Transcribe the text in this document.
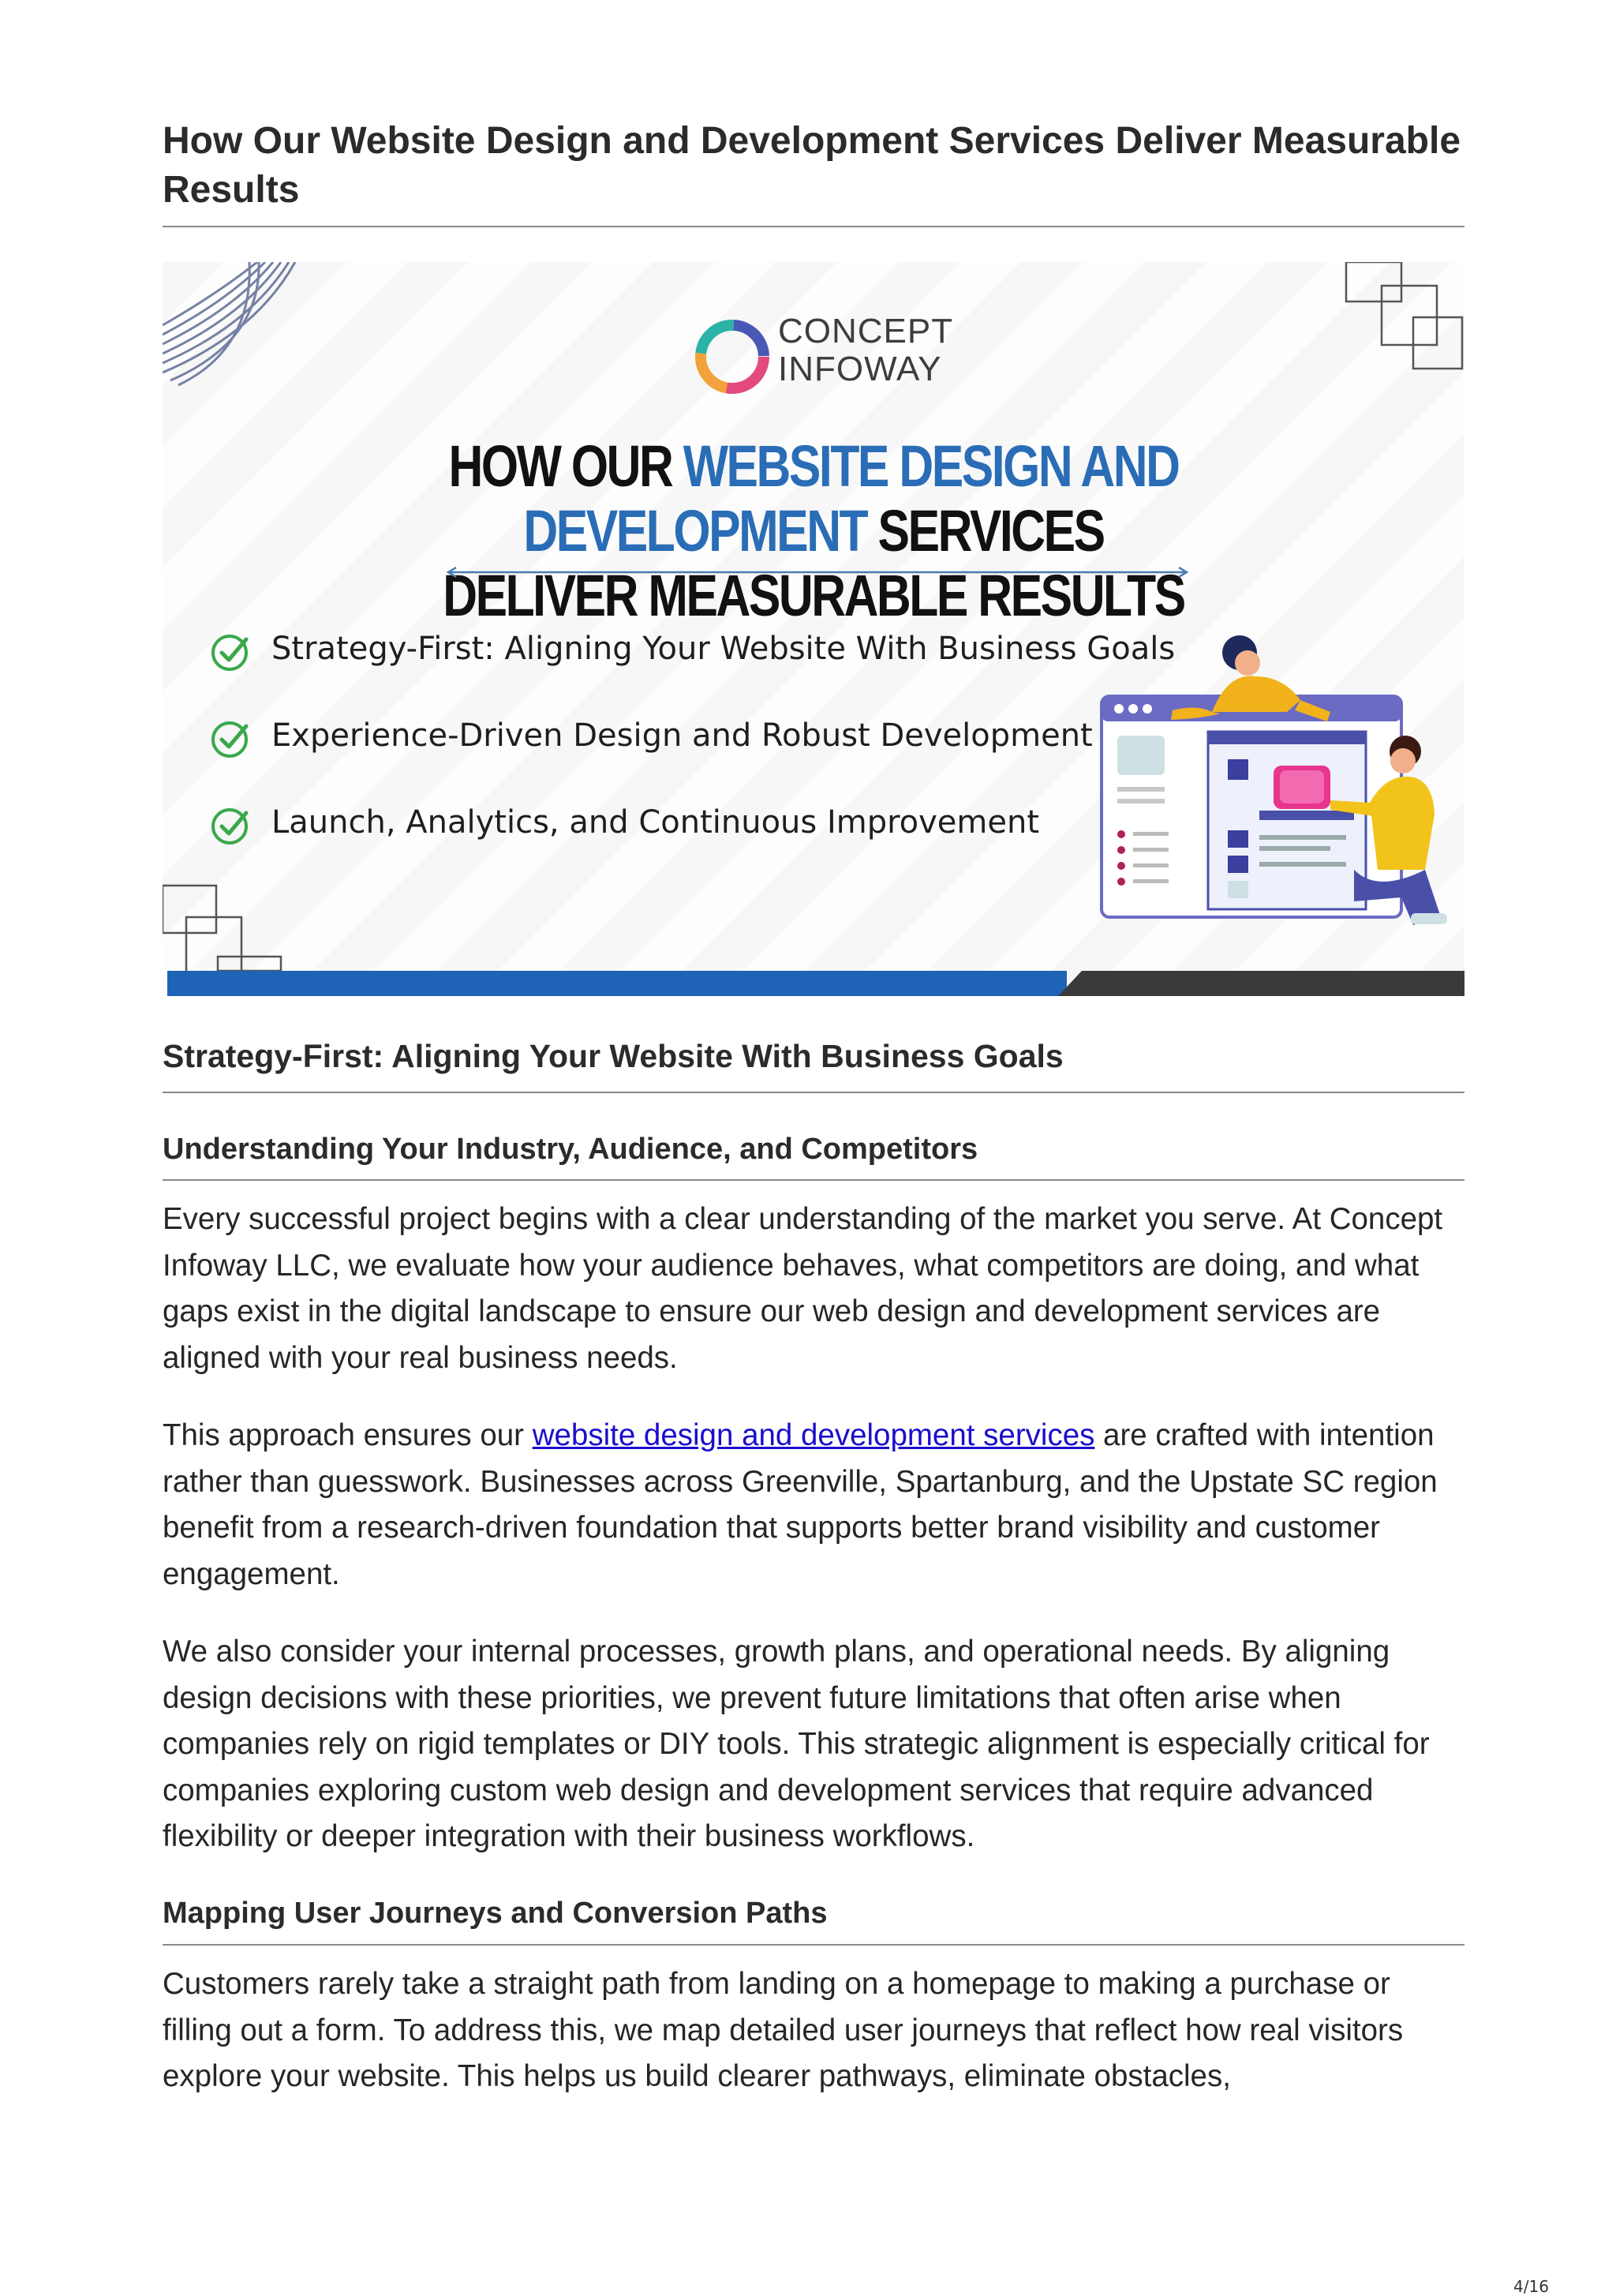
How Our Website Design and Development Services Deliver Measurable Results
CONCEPT
INFOWAY
HOW OUR WEBSITE DESIGN AND DEVELOPMENT SERVICES
DELIVER MEASURABLE RESULTS
Strategy-First: Aligning Your Website With Business Goals
Experience-Driven Design and Robust Development
Launch, Analytics, and Continuous Improvement
Strategy-First: Aligning Your Website With Business Goals
Understanding Your Industry, Audience, and Competitors

Every successful project begins with a clear understanding of the market you serve. At Concept Infoway LLC, we evaluate how your audience behaves, what competitors are doing, and what gaps exist in the digital landscape to ensure our web design and development services are aligned with your real business needs.

This approach ensures our website design and development services are crafted with intention rather than guesswork. Businesses across Greenville, Spartanburg, and the Upstate SC region benefit from a research-driven foundation that supports better brand visibility and customer engagement.

We also consider your internal processes, growth plans, and operational needs. By aligning design decisions with these priorities, we prevent future limitations that often arise when companies rely on rigid templates or DIY tools. This strategic alignment is especially critical for companies exploring custom web design and development services that require advanced flexibility or deeper integration with their business workflows.

Mapping User Journeys and Conversion Paths

Customers rarely take a straight path from landing on a homepage to making a purchase or filling out a form. To address this, we map detailed user journeys that reflect how real visitors explore your website. This helps us build clearer pathways, eliminate obstacles,

4/16
